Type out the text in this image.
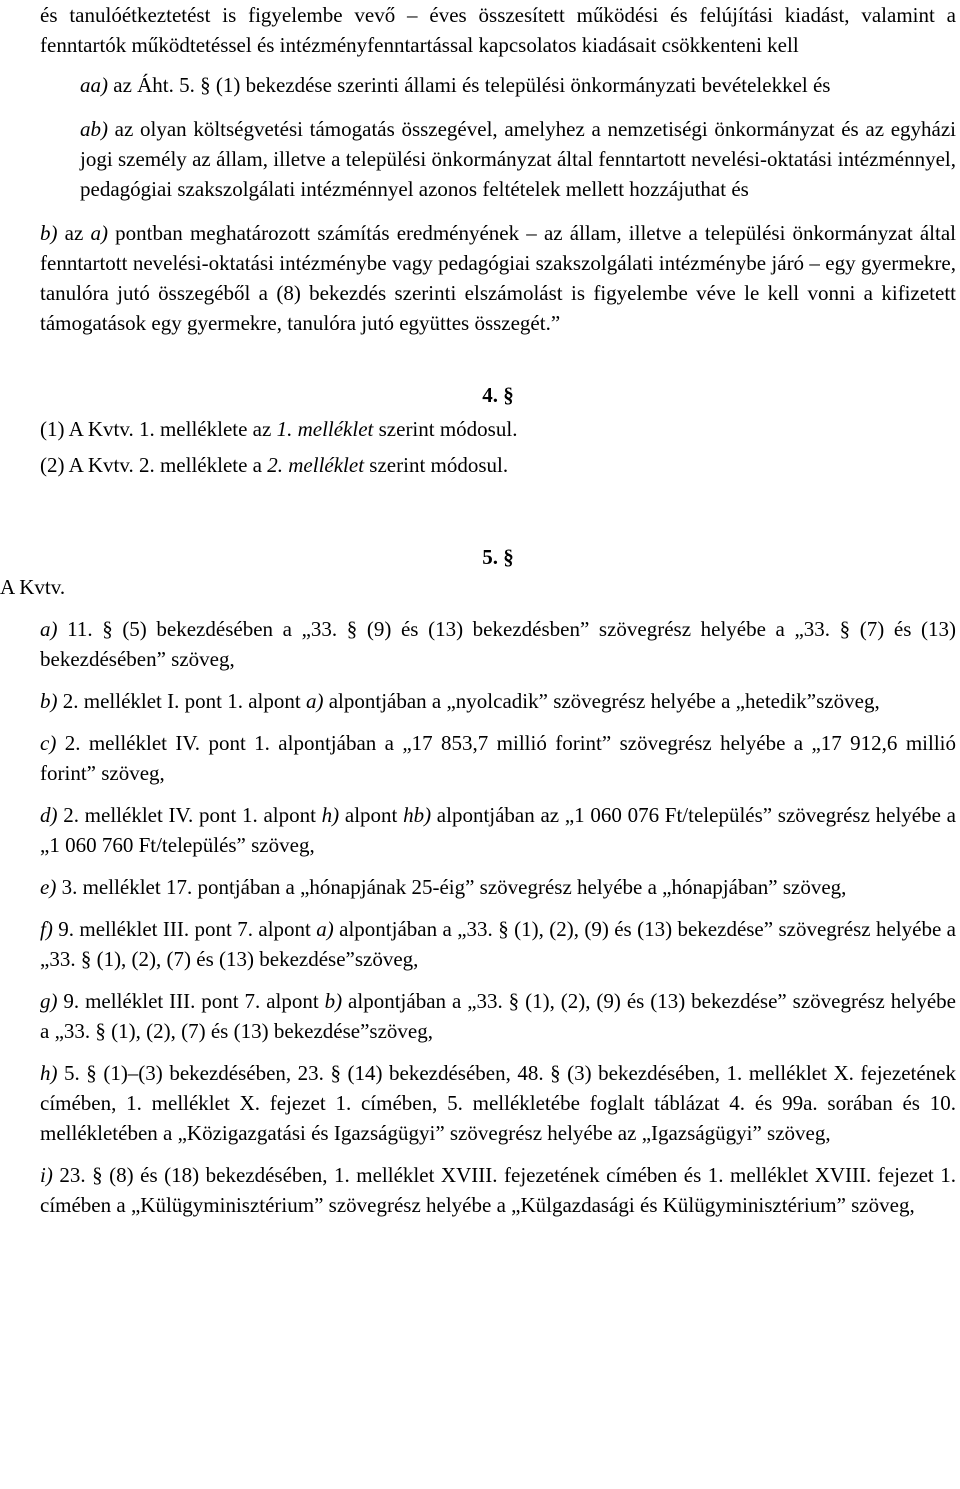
és tanulóétkeztetést is figyelembe vevő – éves összesített működési és felújítási kiadást, valamint a fenntartók működtetéssel és intézményfenntartással kapcsolatos kiadásait csökkenteni kell

aa) az Áht. 5. § (1) bekezdése szerinti állami és települési önkormányzati bevételekkel és

ab) az olyan költségvetési támogatás összegével, amelyhez a nemzetiségi önkormányzat és az egyházi jogi személy az állam, illetve a települési önkormányzat által fenntartott nevelési-oktatási intézménnyel, pedagógiai szakszolgálati intézménnyel azonos feltételek mellett hozzájuthat és

b) az a) pontban meghatározott számítás eredményének – az állam, illetve a települési önkormányzat által fenntartott nevelési-oktatási intézménybe vagy pedagógiai szakszolgálati intézménybe járó – egy gyermekre, tanulóra jutó összegéből a (8) bekezdés szerinti elszámolást is figyelembe véve le kell vonni a kifizetett támogatások egy gyermekre, tanulóra jutó együttes összegét.”

4. §

(1) A Kvtv. 1. melléklete az 1. melléklet szerint módosul.

(2) A Kvtv. 2. melléklete a 2. melléklet szerint módosul.

5. §

A Kvtv.

a) 11. § (5) bekezdésében a „33. § (9) és (13) bekezdésben” szövegrész helyébe a „33. § (7) és (13) bekezdésében” szöveg,

b) 2. melléklet I. pont 1. alpont a) alpontjában a „nyolcadik” szövegrész helyébe a „hetedik”szöveg,

c) 2. melléklet IV. pont 1. alpontjában a „17 853,7 millió forint” szövegrész helyébe a „17 912,6 millió forint” szöveg,

d) 2. melléklet IV. pont 1. alpont h) alpont hb) alpontjában az „1 060 076 Ft/település” szövegrész helyébe a „1 060 760 Ft/település” szöveg,

e) 3. melléklet 17. pontjában a „hónapjának 25-éig” szövegrész helyébe a „hónapjában” szöveg,

f) 9. melléklet III. pont 7. alpont a) alpontjában a „33. § (1), (2), (9) és (13) bekezdése” szövegrész helyébe a „33. § (1), (2), (7) és (13) bekezdése”szöveg,

g) 9. melléklet III. pont 7. alpont b) alpontjában a „33. § (1), (2), (9) és (13) bekezdése” szövegrész helyébe a „33. § (1), (2), (7) és (13) bekezdése”szöveg,

h) 5. § (1)–(3) bekezdésében, 23. § (14) bekezdésében, 48. § (3) bekezdésében, 1. melléklet X. fejezetének címében, 1. melléklet X. fejezet 1. címében, 5. mellékletébe foglalt táblázat 4. és 99a. sorában és 10. mellékletében a „Közigazgatási és Igazságügyi” szövegrész helyébe az „Igazságügyi” szöveg,

i) 23. § (8) és (18) bekezdésében, 1. melléklet XVIII. fejezetének címében és 1. melléklet XVIII. fejezet 1. címében a „Külügyminisztérium” szövegrész helyébe a „Külgazdasági és Külügyminisztérium” szöveg,
